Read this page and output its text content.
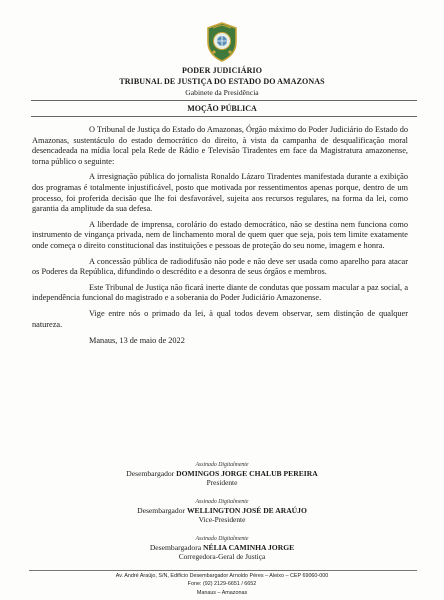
PODER JUDICIÁRIO
TRIBUNAL DE JUSTIÇA DO ESTADO DO AMAZONAS
Gabinete da Presidência
MOÇÃO PÚBLICA

O Tribunal de Justiça do Estado do Amazonas, Órgão máximo do Poder Judiciário do Estado do Amazonas, sustentáculo do estado democrático do direito, à vista da campanha de desqualificação moral desencadeada na mídia local pela Rede de Rádio e Televisão Tiradentes em face da Magistratura amazonense, torna público o seguinte:

A irresignação pública do jornalista Ronaldo Lázaro Tiradentes manifestada durante a exibição dos programas é totalmente injustificável, posto que motivada por ressentimentos apenas porque, dentro de um processo, foi proferida decisão que lhe foi desfavorável, sujeita aos recursos regulares, na forma da lei, como garantia da amplitude da sua defesa.

A liberdade de imprensa, corolário do estado democrático, não se destina nem funciona como instrumento de vingança privada, nem de linchamento moral de quem quer que seja, pois tem limite exatamente onde começa o direito constitucional das instituições e pessoas de proteção do seu nome, imagem e honra.

A concessão pública de radiodifusão não pode e não deve ser usada como aparelho para atacar os Poderes da República, difundindo o descrédito e a desonra de seus órgãos e membros.

Este Tribunal de Justiça não ficará inerte diante de condutas que possam macular a paz social, a independência funcional do magistrado e a soberania do Poder Judiciário Amazonense.

Vige entre nós o primado da lei, à qual todos devem observar, sem distinção de qualquer natureza.

Manaus, 13 de maio de 2022
Assinado Digitalmente
Desembargador DOMINGOS JORGE CHALUB PEREIRA
Presidente
Assinado Digitalmente
Desembargador WELLINGTON JOSÉ DE ARAÚJO
Vice-Presidente
Assinado Digitalmente
Desembargadora NÉLIA CAMINHA JORGE
Corregedora-Geral de Justiça
Av. André Araújo, S/N, Edifício Desembargador Arnoldo Péres – Aleixo – CEP 69060-000
Fone: (92) 2129-6651 / 6652
Manaus – Amazonas
